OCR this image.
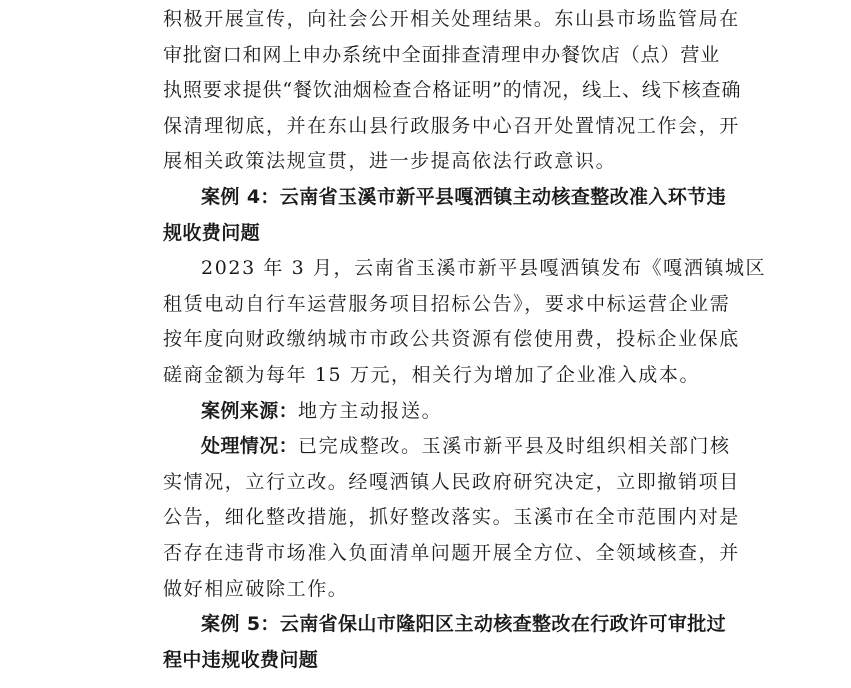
积极开展宣传，向社会公开相关处理结果。东山县市场监管局在
审批窗口和网上申办系统中全面排查清理申办餐饮店（点）营业
执照要求提供“餐饮油烟检查合格证明”的情况，线上、线下核查确
保清理彻底，并在东山县行政服务中心召开处置情况工作会，开
展相关政策法规宣贯，进一步提高依法行政意识。
案例 4：云南省玉溪市新平县嘎洒镇主动核查整改准入环节违
规收费问题
2023 年 3 月，云南省玉溪市新平县嘎洒镇发布《嘎洒镇城区
租赁电动自行车运营服务项目招标公告》，要求中标运营企业需
按年度向财政缴纳城市市政公共资源有偿使用费，投标企业保底
磋商金额为每年 15 万元，相关行为增加了企业准入成本。
案例来源：地方主动报送。
处理情况：已完成整改。玉溪市新平县及时组织相关部门核
实情况，立行立改。经嘎洒镇人民政府研究决定，立即撤销项目
公告，细化整改措施，抓好整改落实。玉溪市在全市范围内对是
否存在违背市场准入负面清单问题开展全方位、全领域核查，并
做好相应破除工作。
案例 5：云南省保山市隆阳区主动核查整改在行政许可审批过
程中违规收费问题
